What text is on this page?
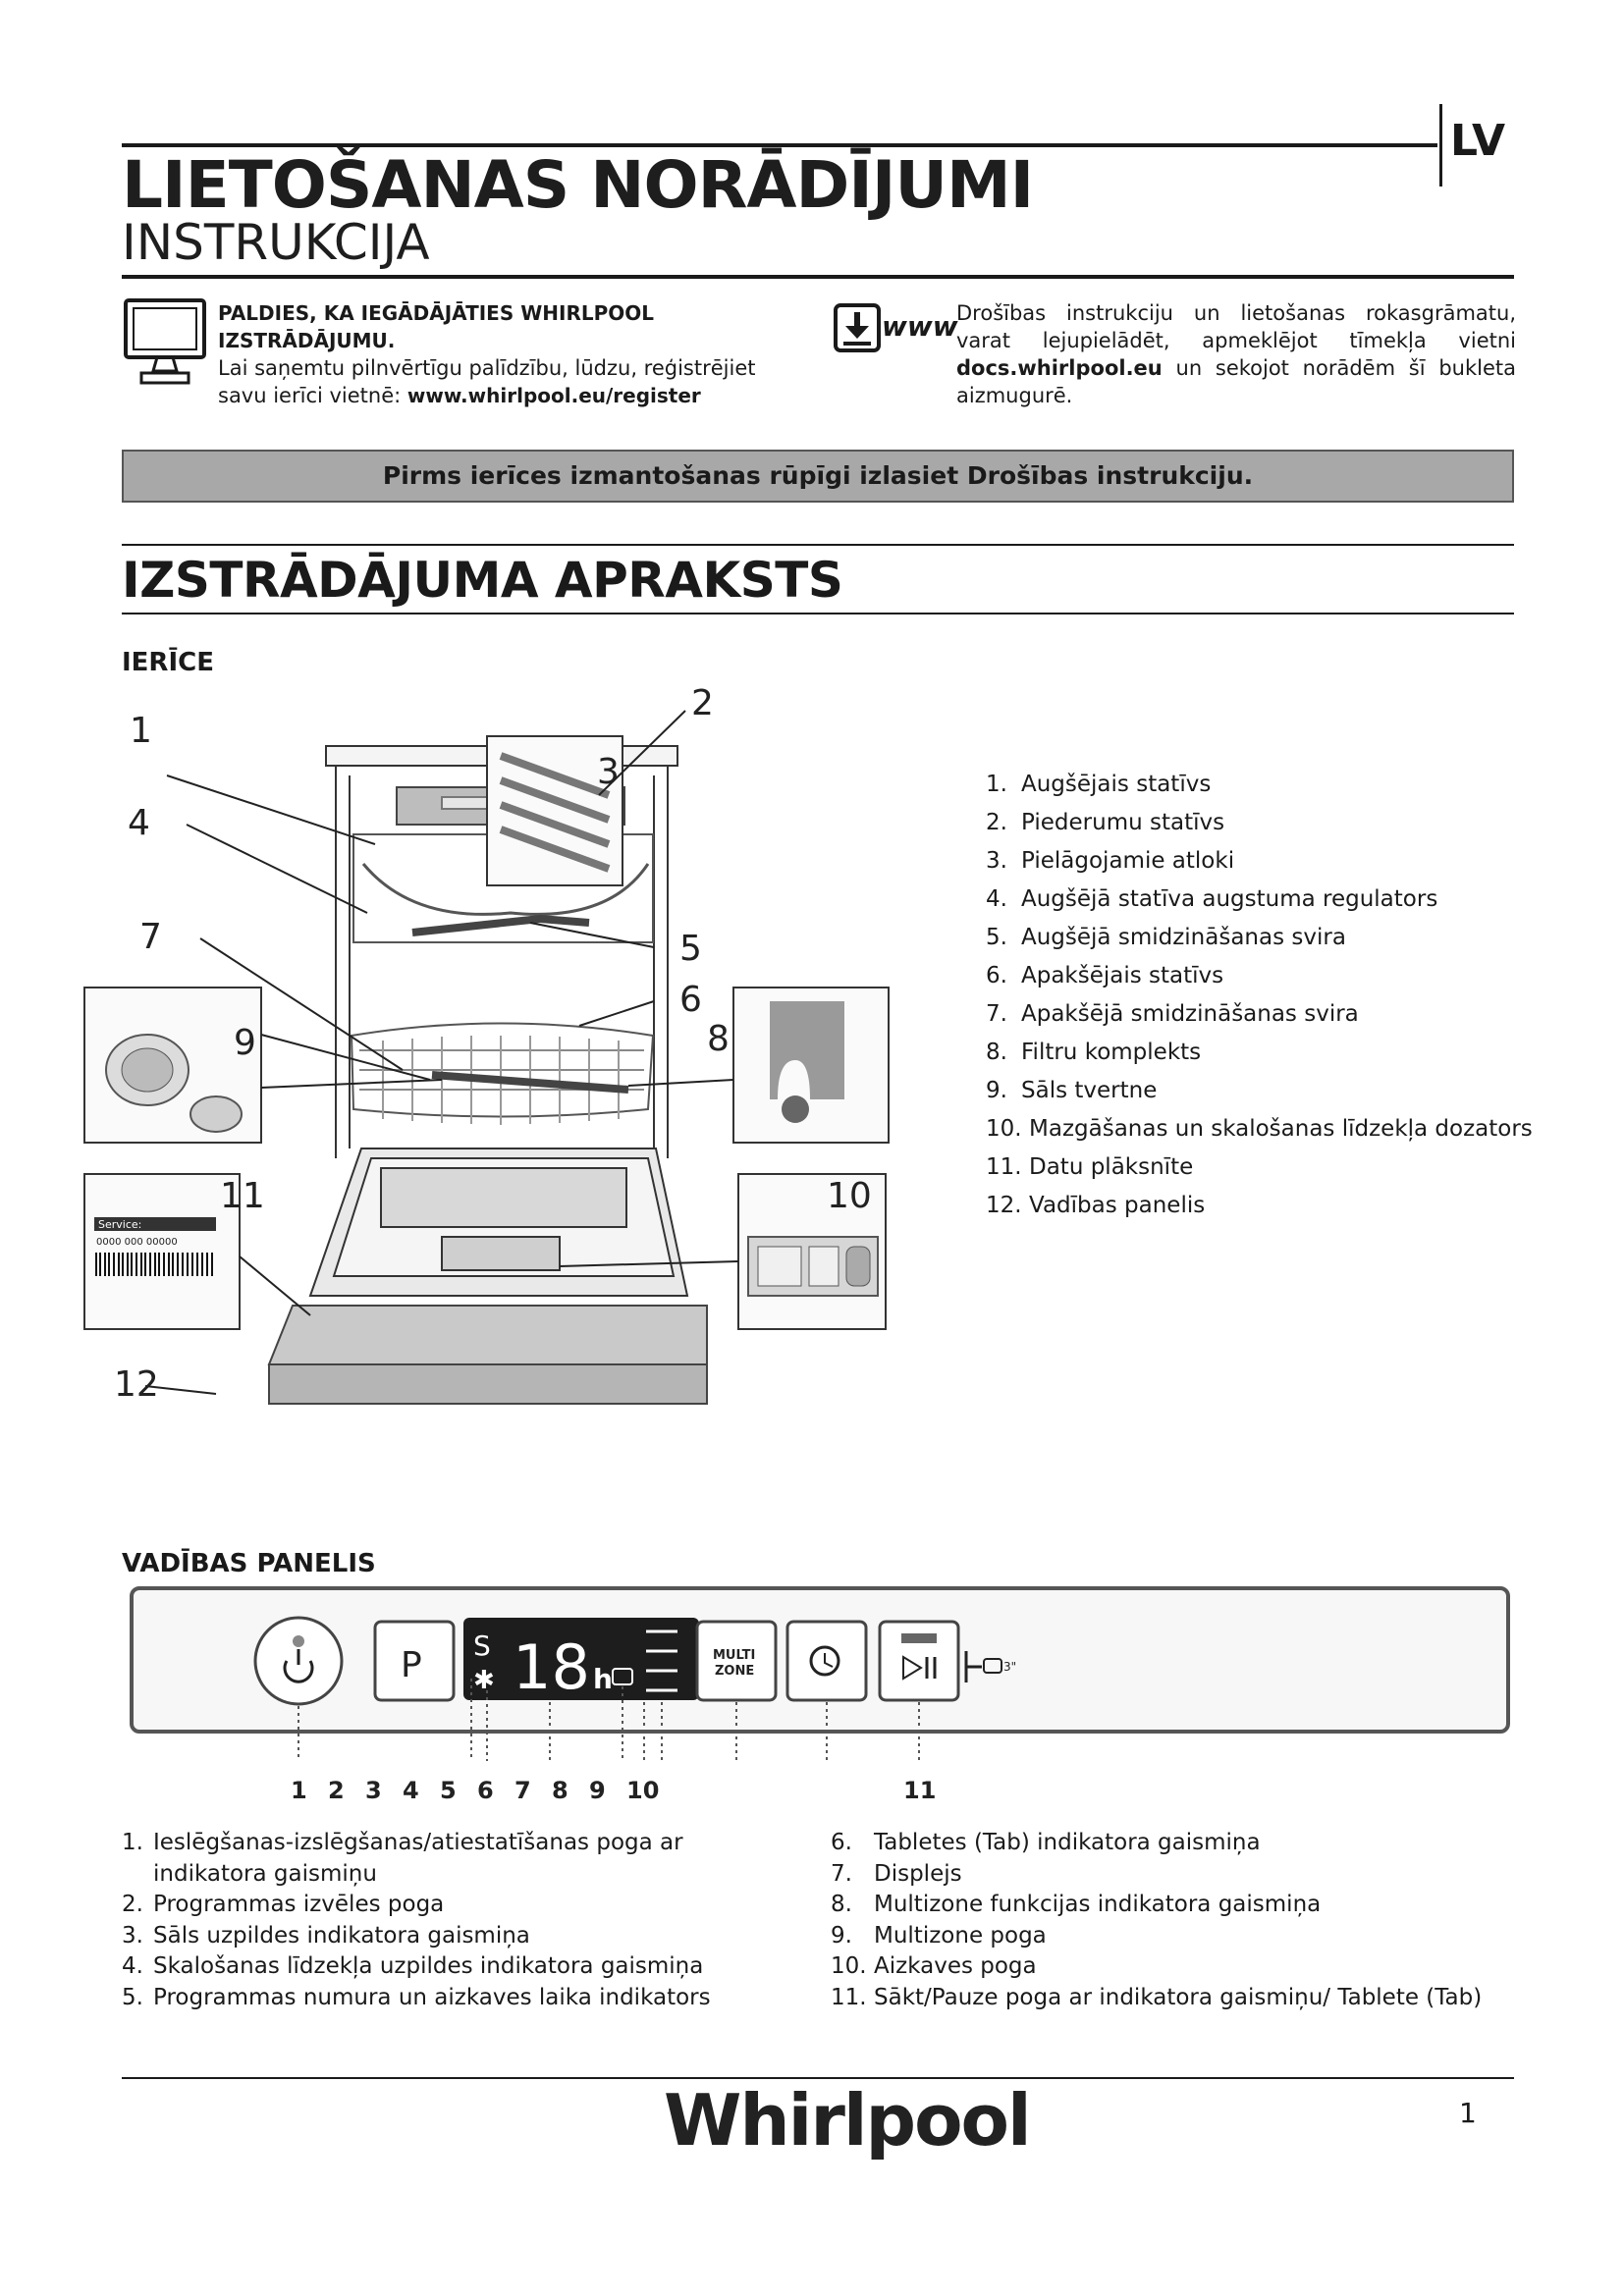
LV
LIETOŠANAS NORĀDĪJUMI
INSTRUKCIJA
PALDIES, KA IEGĀDĀJĀTIES WHIRLPOOL IZSTRĀDĀJUMU.
Lai saņemtu pilnvērtīgu palīdzību, lūdzu, reģistrējiet savu ierīci vietnē: www.whirlpool.eu/register
www
Drošības instrukciju un lietošanas rokasgrāmatu, varat lejupielādēt, apmeklējot tīmekļa vietni docs.whirlpool.eu un sekojot norādēm šī bukleta aizmugurē.
Pirms ierīces izmantošanas rūpīgi izlasiet Drošības instrukciju.
IZSTRĀDĀJUMA APRAKSTS
IERĪCE
Service:
0000 000 00000
1
2
3
4
5
6
7
8
9
10
11
12
1. Augšējais statīvs
2. Piederumu statīvs
3. Pielāgojamie atloki
4. Augšējā statīva augstuma regulators
5. Augšējā smidzināšanas svira
6. Apakšējais statīvs
7. Apakšējā smidzināšanas svira
8. Filtru komplekts
9. Sāls tvertne
10. Mazgāšanas un skalošanas līdzekļa dozators
11. Datu plāksnīte
12. Vadības panelis
VADĪBAS PANELIS
P S
✱ 18 h
MULTI
ZONE	3"
1 2 3 4 5 6 7 8 9 10	11
1. Ieslēgšanas-izslēgšanas/atiestatīšanas poga ar indikatora gaismiņu
2. Programmas izvēles poga
3. Sāls uzpildes indikatora gaismiņa
4. Skalošanas līdzekļa uzpildes indikatora gaismiņa
5. Programmas numura un aizkaves laika indikators
6. Tabletes (Tab) indikatora gaismiņa
7. Displejs
8. Multizone funkcijas indikatora gaismiņa
9. Multizone poga
10. Aizkaves poga
11. Sākt/Pauze poga ar indikatora gaismiņu/ Tablete (Tab)
Whirlpool	1
